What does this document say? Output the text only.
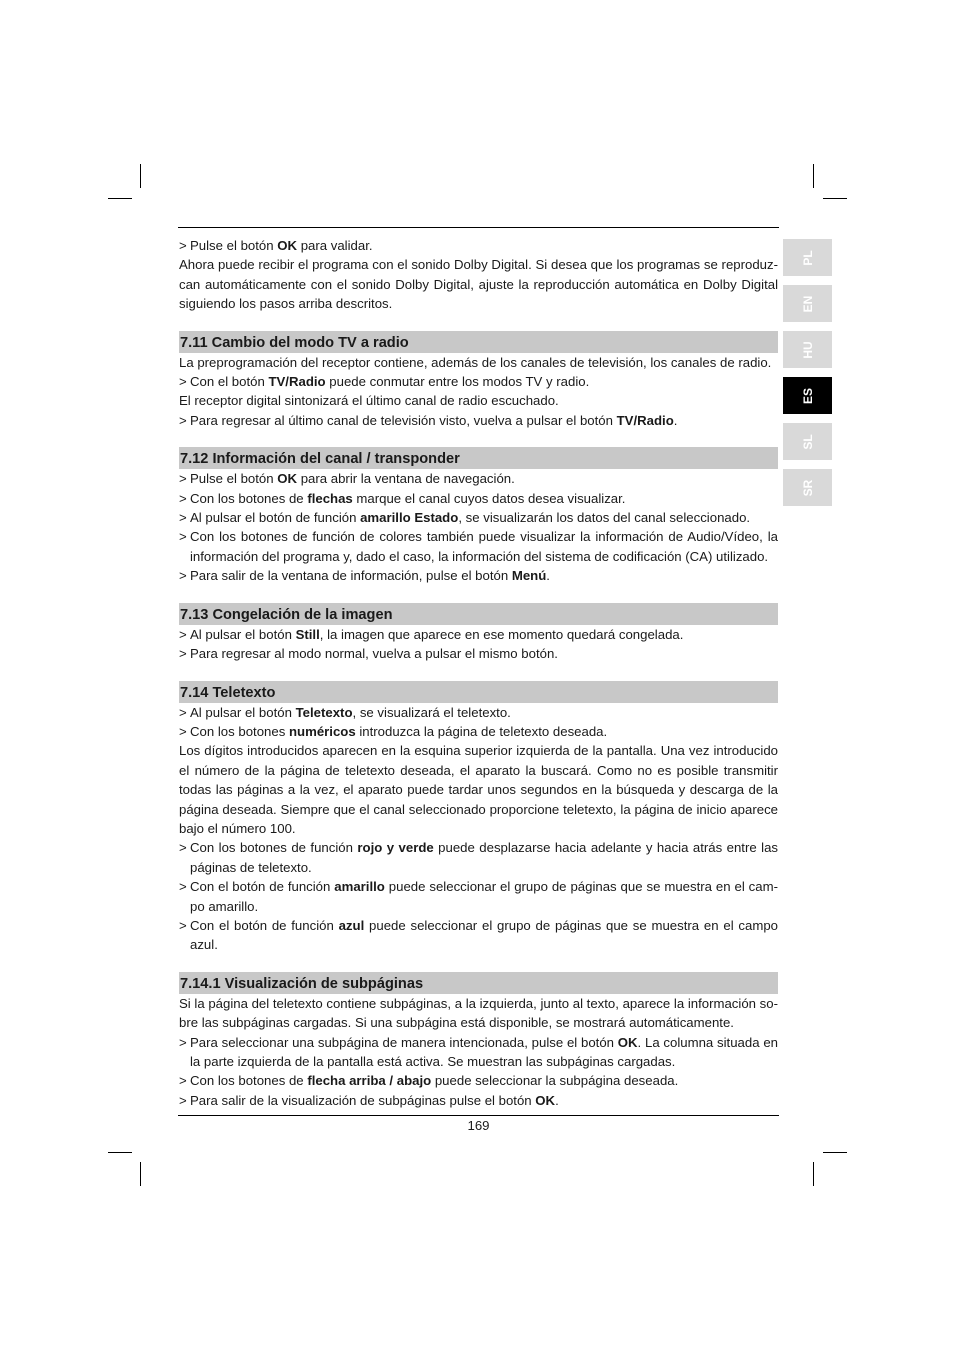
PL
EN
HU
ES
SL
SR
> Pulse el botón OK para validar.

Ahora puede recibir el programa con el sonido Dolby Digital. Si desea que los programas se reproduz-can automáticamente con el sonido Dolby Digital, ajuste la reproducción automática en Dolby Digital siguiendo los pasos arriba descritos.

7.11 Cambio del modo TV a radio

La preprogramación del receptor contiene, además de los canales de televisión, los canales de radio.

> Con el botón TV/Radio puede conmutar entre los modos TV y radio.

El receptor digital sintonizará el último canal de radio escuchado.

> Para regresar al último canal de televisión visto, vuelva a pulsar el botón TV/Radio.
7.12 Información del canal / transponder
> Pulse el botón OK para abrir la ventana de navegación.
> Con los botones de flechas marque el canal cuyos datos desea visualizar.
> Al pulsar el botón de función amarillo Estado, se visualizarán los datos del canal seleccionado.
> Con los botones de función de colores también puede visualizar la información de Audio/Vídeo, la información del programa y, dado el caso, la información del sistema de codificación (CA) utilizado.
> Para salir de la ventana de información, pulse el botón Menú.
7.13 Congelación de la imagen
> Al pulsar el botón Still, la imagen que aparece en ese momento quedará congelada.
> Para regresar al modo normal, vuelva a pulsar el mismo botón.
7.14 Teletexto
> Al pulsar el botón Teletexto, se visualizará el teletexto.
> Con los botones numéricos introduzca la página de teletexto deseada.

Los dígitos introducidos aparecen en la esquina superior izquierda de la pantalla. Una vez introducido el número de la página de teletexto deseada, el aparato la buscará. Como no es posible transmitir todas las páginas a la vez, el aparato puede tardar unos segundos en la búsqueda y descarga de la página deseada. Siempre que el canal seleccionado proporcione teletexto, la página de inicio aparece bajo el número 100.

> Con los botones de función rojo y verde puede desplazarse hacia adelante y hacia atrás entre las páginas de teletexto.
> Con el botón de función amarillo puede seleccionar el grupo de páginas que se muestra en el cam-po amarillo.
> Con el botón de función azul puede seleccionar el grupo de páginas que se muestra en el campo azul.
7.14.1 Visualización de subpáginas

Si la página del teletexto contiene subpáginas, a la izquierda, junto al texto, aparece la información so-bre las subpáginas cargadas. Si una subpágina está disponible, se mostrará automáticamente.

> Para seleccionar una subpágina de manera intencionada, pulse el botón OK. La columna situada en la parte izquierda de la pantalla está activa. Se muestran las subpáginas cargadas.
> Con los botones de flecha arriba / abajo puede seleccionar la subpágina deseada.
> Para salir de la visualización de subpáginas pulse el botón OK.
169
